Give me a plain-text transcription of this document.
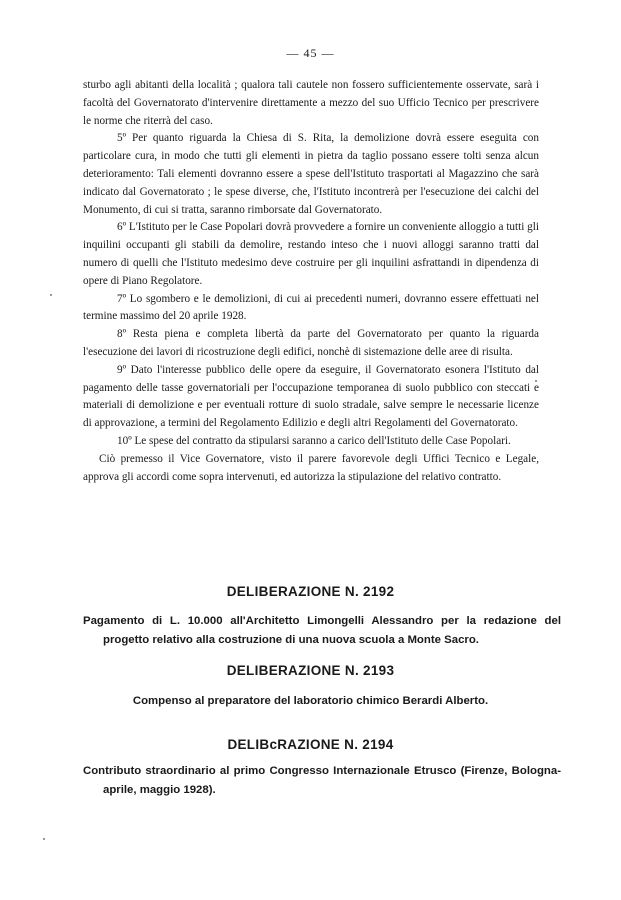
— 45 —

sturbo agli abitanti della località ; qualora tali cautele non fossero sufficientemente osservate, sarà i facoltà del Governatorato d'intervenire direttamente a mezzo del suo Ufficio Tecnico per prescrivere le norme che riterrà del caso.

5º Per quanto riguarda la Chiesa di S. Rita, la demolizione dovrà essere eseguita con particolare cura, in modo che tutti gli elementi in pietra da taglio possano essere tolti senza alcun deterioramento: Tali elementi dovranno essere a spese dell'Istituto trasportati al Magazzino che sarà indicato dal Governatorato ; le spese diverse, che, l'Istituto incontrerà per l'esecuzione dei calchi del Monumento, di cui si tratta, saranno rimborsate dal Governatorato.

6º L'Istituto per le Case Popolari dovrà provvedere a fornire un conveniente alloggio a tutti gli inquilini occupanti gli stabili da demolire, restando inteso che i nuovi alloggi saranno tratti dal numero di quelli che l'Istituto medesimo deve costruire per gli inquilini asfrattandi in dipendenza di opere di Piano Regolatore.

7º Lo sgombero e le demolizioni, di cui ai precedenti numeri, dovranno essere effettuati nel termine massimo del 20 aprile 1928.

8º Resta piena e completa libertà da parte del Governatorato per quanto la riguarda l'esecuzione dei lavori di ricostruzione degli edifici, nonchè di sistemazione delle aree di risulta.

9º Dato l'interesse pubblico delle opere da eseguire, il Governatorato esonera l'Istituto dal pagamento delle tasse governatoriali per l'occupazione temporanea di suolo pubblico con steccati e materiali di demolizione e per eventuali rotture di suolo stradale, salve sempre le necessarie licenze di approvazione, a termini del Regolamento Edilizio e degli altri Regolamenti del Governatorato.

10º Le spese del contratto da stipularsi saranno a carico dell'Istituto delle Case Popolari.

Ciò premesso il Vice Governatore, visto il parere favorevole degli Uffici Tecnico e Legale, approva gli accordi come sopra intervenuti, ed autorizza la stipulazione del relativo contratto.

DELIBERAZIONE N. 2192
Pagamento di L. 10.000 all'Architetto Limongelli Alessandro per la redazione del progetto relativo alla costruzione di una nuova scuola a Monte Sacro.
DELIBERAZIONE N. 2193
Compenso al preparatore del laboratorio chimico Berardi Alberto.
DELIBcRAZIONE N. 2194
Contributo straordinario al primo Congresso Internazionale Etrusco (Firenze, Bologna-aprile, maggio 1928).
